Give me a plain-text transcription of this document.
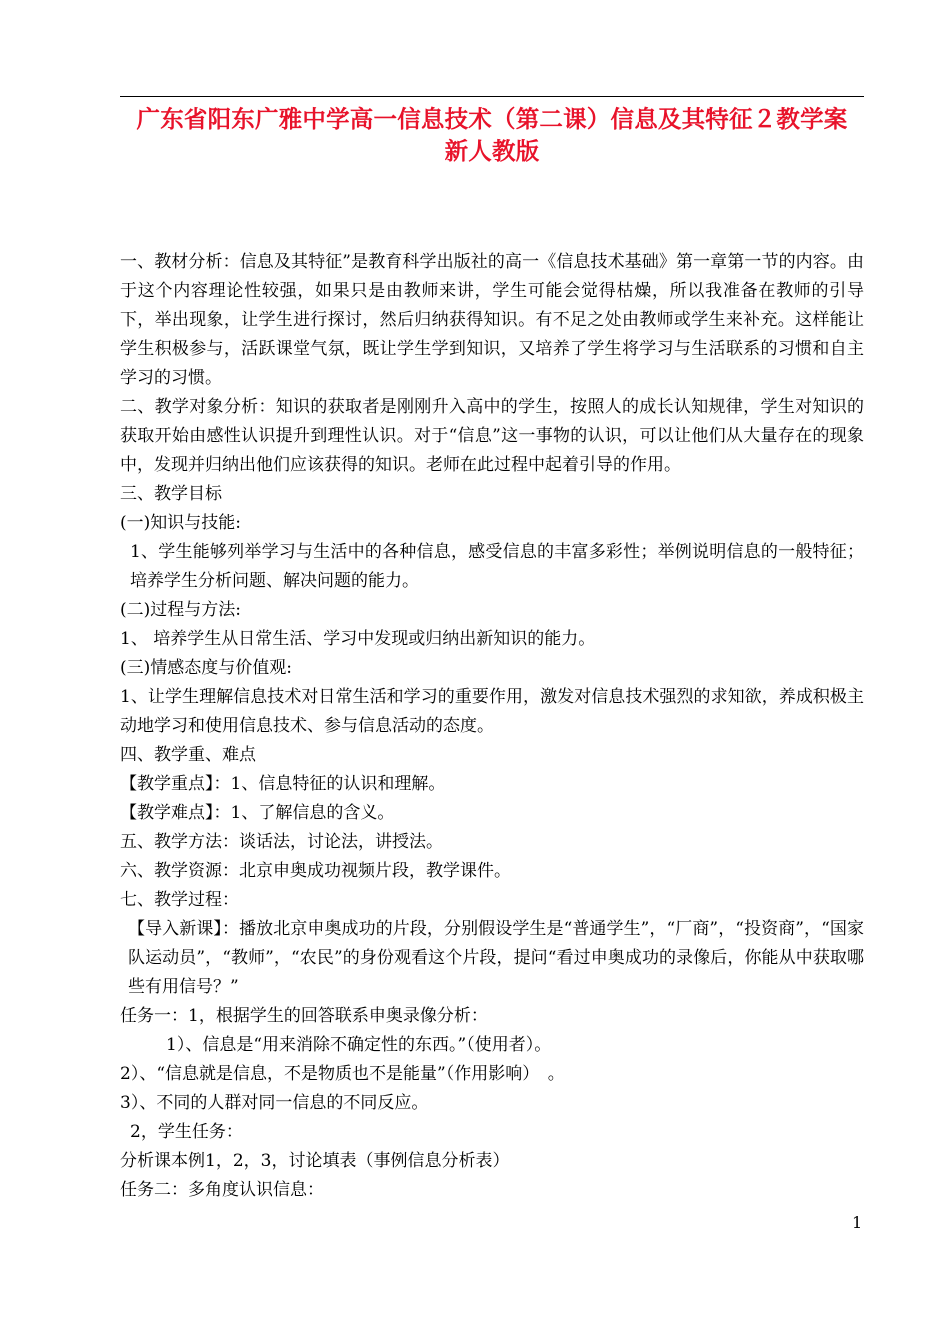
广东省阳东广雅中学高一信息技术（第二课）信息及其特征２教学案
新人教版

一、教材分析：信息及其特征”是教育科学出版社的高一《信息技术基础》第一章第一节的内容。由于这个内容理论性较强，如果只是由教师来讲，学生可能会觉得枯燥，所以我准备在教师的引导下，举出现象，让学生进行探讨，然后归纳获得知识。有不足之处由教师或学生来补充。这样能让学生积极参与，活跃课堂气氛，既让学生学到知识，又培养了学生将学习与生活联系的习惯和自主学习的习惯。

二、教学对象分析：知识的获取者是刚刚升入高中的学生，按照人的成长认知规律，学生对知识的获取开始由感性认识提升到理性认识。对于“信息”这一事物的认识，可以让他们从大量存在的现象中，发现并归纳出他们应该获得的知识。老师在此过程中起着引导的作用。

三、教学目标

(一)知识与技能:

1、学生能够列举学习与生活中的各种信息，感受信息的丰富多彩性；举例说明信息的一般特征；培养学生分析问题、解决问题的能力。

(二)过程与方法:

1、 培养学生从日常生活、学习中发现或归纳出新知识的能力。

(三)情感态度与价值观:

1、让学生理解信息技术对日常生活和学习的重要作用，激发对信息技术强烈的求知欲，养成积极主动地学习和使用信息技术、参与信息活动的态度。

四、教学重、难点

【教学重点】：1、信息特征的认识和理解。

【教学难点】：1、了解信息的含义。

五、教学方法：谈话法，讨论法，讲授法。

六、教学资源：北京申奥成功视频片段，教学课件。

七、教学过程：

【导入新课】：播放北京申奥成功的片段，分别假设学生是“普通学生”，“厂商”，“投资商”，“国家队运动员”，“教师”，“农民”的身份观看这个片段，提问“看过申奥成功的录像后，你能从中获取哪些有用信号？”

任务一：1，根据学生的回答联系申奥录像分析：

1）、信息是“用来消除不确定性的东西。”（使用者）。

2）、“信息就是信息，不是物质也不是能量”（作用影响）　。

3）、不同的人群对同一信息的不同反应。

2，学生任务：

分析课本例1，2，3，讨论填表（事例信息分析表）

任务二：多角度认识信息：

1
